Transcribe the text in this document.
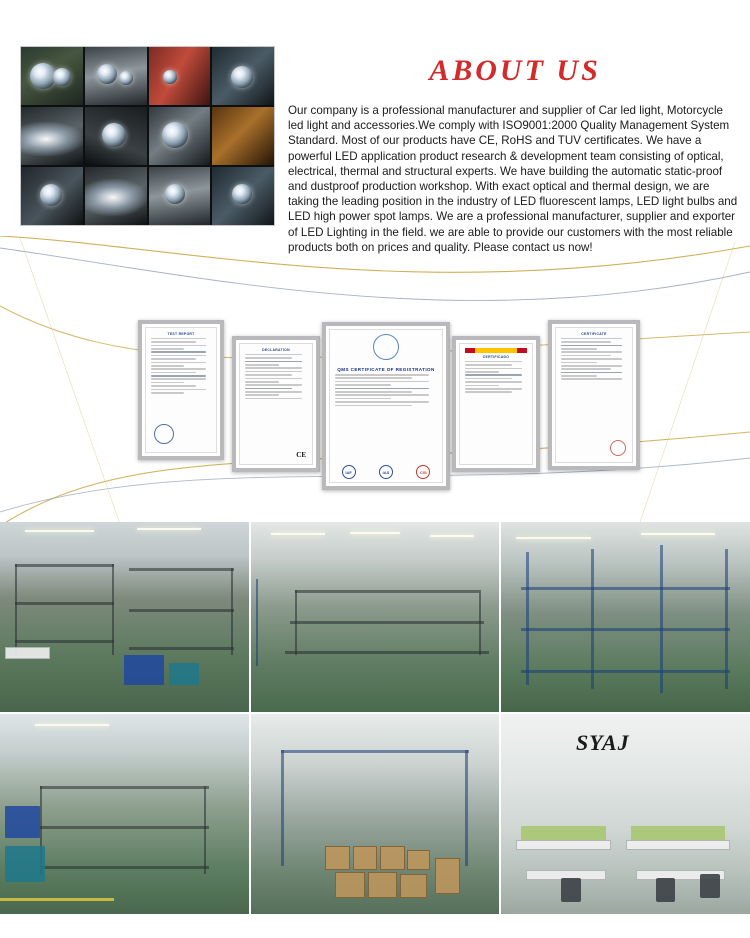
ABOUT US
Our company is a professional manufacturer and supplier of Car led light, Motorcycle led light and accessories.We comply with ISO9001:2000 Quality Management System Standard. Most of our products have CE, RoHS and TUV certificates. We have a powerful LED application product research & development team consisting of optical, electrical, thermal and structural experts. We have building the automatic static-proof and dustproof production workshop. With exact optical and thermal design, we are taking the leading position in the industry of LED fluorescent lamps, LED light bulbs and LED high power spot lamps. We are a professional manufacturer, supplier and exporter of LED Lighting in the field. we are able to provide our customers with the most reliable products both on prices and quality. Please contact us now!
TEST REPORT
DECLARATION
CE
QMS CERTIFICATE OF REGISTRATION
IAF	IAS	CSI
CERTIFICADO
CERTIFICATE
SYAJ
